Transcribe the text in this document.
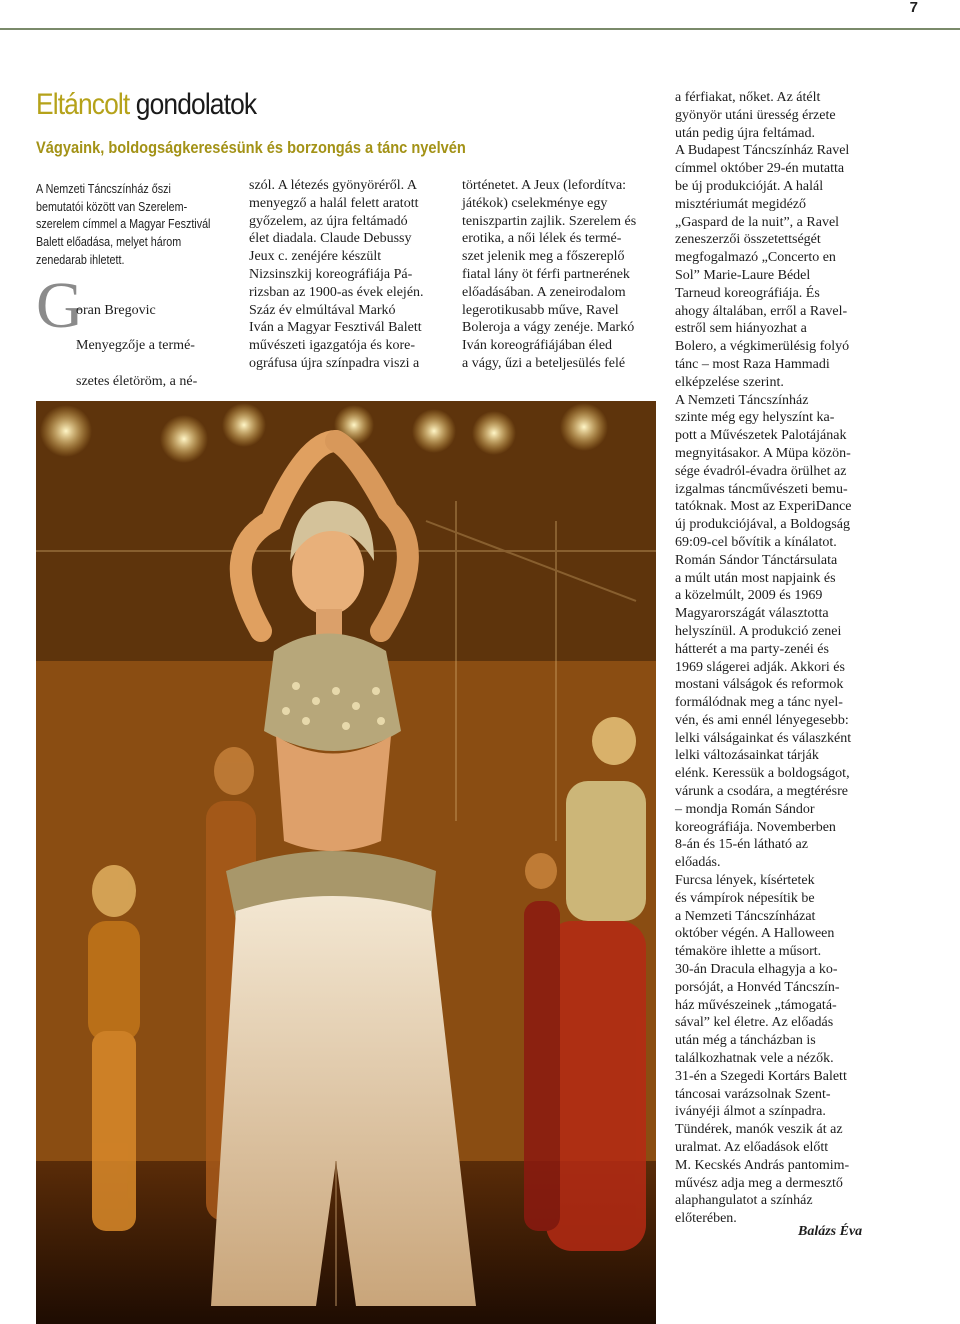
7
Eltáncolt gondolatok
Vágyaink, boldogságkeresésünk és borzongás a tánc nyelvén

A Nemzeti Táncszínház őszi bemutatói között van Szerelem-szerelem címmel a Magyar Fesztivál Balett előadása, melyet három zenedarab ihletett.

G

oran Bregovic

Menyegzője a termé-

szetes életöröm, a né-

szól. A létezés gyönyöréről. A
menyegző a halál felett aratott
győzelem, az újra feltámadó
élet diadala. Claude Debussy
Jeux c. zenéjére készült
Nizsinszkij koreográfiája Pá-
rizsban az 1900-as évek elején.
Száz év elmúltával Markó
Iván a Magyar Fesztivál Balett
művészeti igazgatója és kore-
ográfusa újra színpadra viszi a

történetet. A Jeux (lefordítva:
játékok) cselekménye egy
teniszpartin zajlik. Szerelem és
erotika, a női lélek és termé-
szet jelenik meg a főszereplő
fiatal lány öt férfi partnerének
előadásában. A zeneirodalom
legerotikusabb műve, Ravel
Boleroja a vágy zenéje. Markó
Iván koreográfiájában éled
a vágy, űzi a beteljesülés felé

a férfiakat, nőket. Az átélt
gyönyör utáni üresség érzete
után pedig újra feltámad.
A Budapest Táncszínház Ravel
címmel október 29-én mutatta
be új produkcióját. A halál
misztériumát megidéző
„Gaspard de la nuit”, a Ravel
zeneszerzői összetettségét
megfogalmazó „Concerto en
Sol” Marie-Laure Bédel
Tarneud koreográfiája. És
ahogy általában, erről a Ravel-
estről sem hiányozhat a
Bolero, a végkimerülésig folyó
tánc – most Raza Hammadi
elképzelése szerint.
A Nemzeti Táncszínház
szinte még egy helyszínt ka-
pott a Művészetek Palotájának
megnyitásakor. A Müpa közön-
sége évadról-évadra örülhet az
izgalmas táncművészeti bemu-
tatóknak. Most az ExperiDance
új produkciójával, a Boldogság
69:09-cel bővítik a kínálatot.
Román Sándor Tánctársulata
a múlt után most napjaink és
a közelmúlt, 2009 és 1969
Magyarországát választotta
helyszínül. A produkció zenei
hátterét a ma party-zenéi és
1969 slágerei adják. Akkori és
mostani válságok és reformok
formálódnak meg a tánc nyel-
vén, és ami ennél lényegesebb:
lelki válságainkat és válaszként
lelki változásainkat tárják
elénk. Keressük a boldogságot,
várunk a csodára, a megtérésre
– mondja Román Sándor
koreográfiája. Novemberben
8-án és 15-én látható az
előadás.
Furcsa lények, kísértetek
és vámpírok népesítik be
a Nemzeti Táncszínházat
október végén. A Halloween
témaköre ihlette a műsort.
30-án Dracula elhagyja a ko-
porsóját, a Honvéd Táncszín-
ház művészeinek „támogatá-
sával” kel életre. Az előadás
után még a táncházban is
találkozhatnak vele a nézők.
31-én a Szegedi Kortárs Balett
táncosai varázsolnak Szent-
iványéji álmot a színpadra.
Tündérek, manók veszik át az
uralmat. Az előadások előtt
M. Kecskés András pantomim-
művész adja meg a dermesztő
alaphangulatot a színház
előterében.

Balázs Éva
